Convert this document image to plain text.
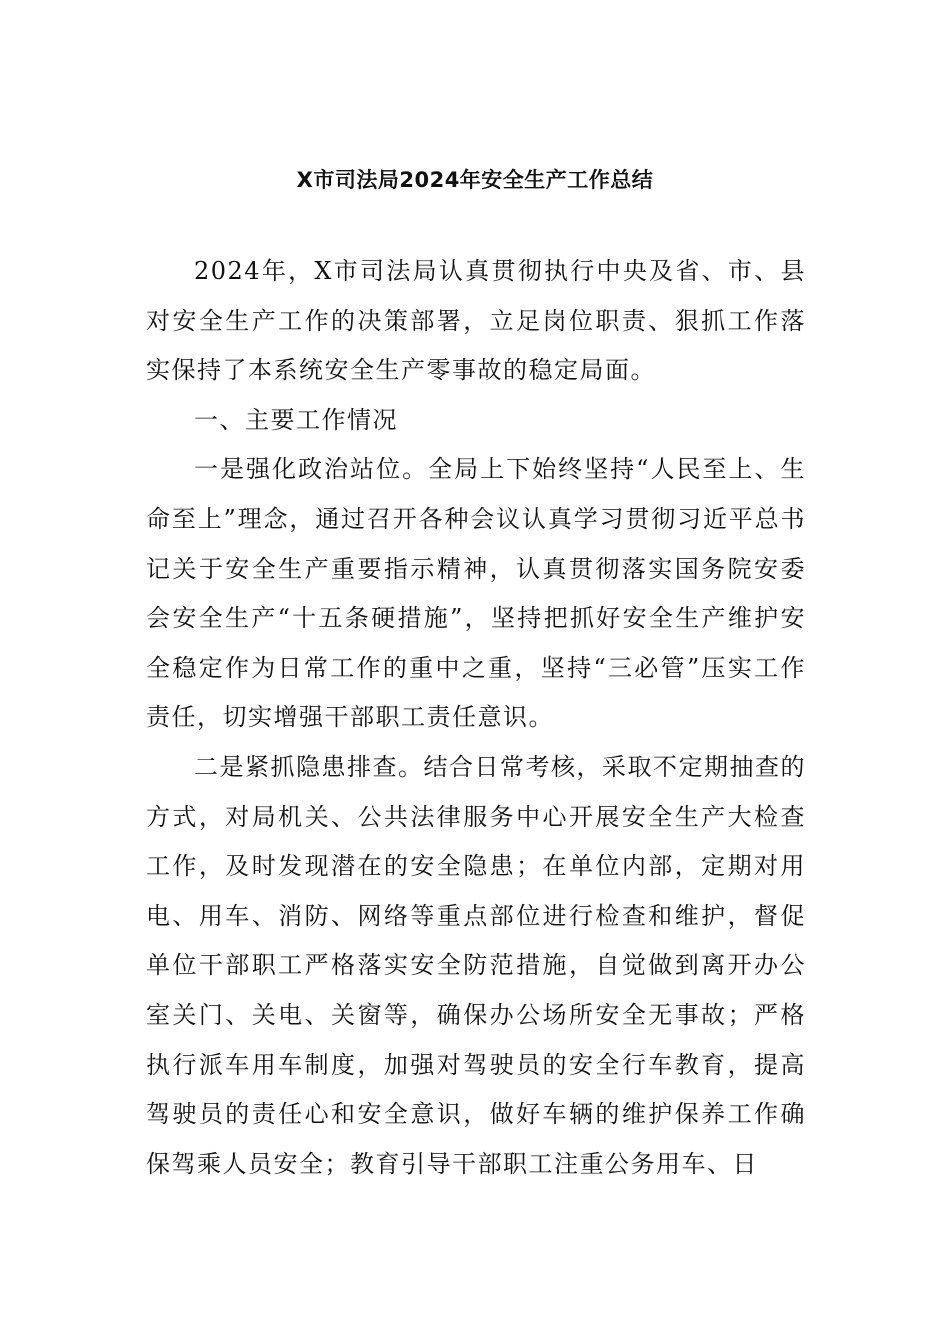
X市司法局2024年安全生产工作总结

2024年，X市司法局认真贯彻执行中央及省、市、县对安全生产工作的决策部署，立足岗位职责、狠抓工作落实保持了本系统安全生产零事故的稳定局面。

一、主要工作情况

一是强化政治站位。全局上下始终坚持“人民至上、生命至上”理念，通过召开各种会议认真学习贯彻习近平总书记关于安全生产重要指示精神，认真贯彻落实国务院安委会安全生产“十五条硬措施”，坚持把抓好安全生产维护安全稳定作为日常工作的重中之重，坚持“三必管”压实工作责任，切实增强干部职工责任意识。

二是紧抓隐患排查。结合日常考核，采取不定期抽查的方式，对局机关、公共法律服务中心开展安全生产大检查工作，及时发现潜在的安全隐患；在单位内部，定期对用电、用车、消防、网络等重点部位进行检查和维护，督促单位干部职工严格落实安全防范措施，自觉做到离开办公室关门、关电、关窗等，确保办公场所安全无事故；严格执行派车用车制度，加强对驾驶员的安全行车教育，提高驾驶员的责任心和安全意识，做好车辆的维护保养工作确保驾乘人员安全；教育引导干部职工注重公务用车、日
